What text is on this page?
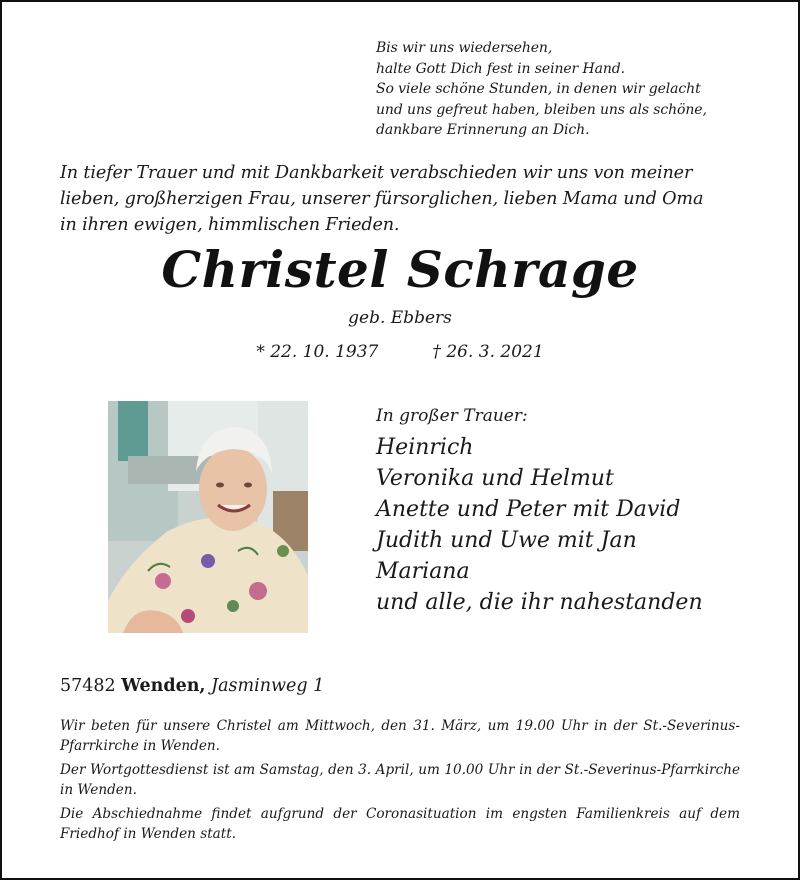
Bis wir uns wiedersehen,
halte Gott Dich fest in seiner Hand.
So viele schöne Stunden, in denen wir gelacht
und uns gefreut haben, bleiben uns als schöne,
dankbare Erinnerung an Dich.
In tiefer Trauer und mit Dankbarkeit verabschieden wir uns von meiner
lieben, großherzigen Frau, unserer fürsorglichen, lieben Mama und Oma
in ihren ewigen, himmlischen Frieden.
Christel Schrage
geb. Ebbers
* 22. 10. 1937	† 26. 3. 2021
In großer Trauer:
Heinrich
Veronika und Helmut
Anette und Peter mit David
Judith und Uwe mit Jan
Mariana
und alle, die ihr nahestanden
57482 Wenden, Jasminweg 1

Wir beten für unsere Christel am Mittwoch, den 31. März, um 19.00 Uhr in der St.-Severinus-Pfarrkirche in Wenden.

Der Wortgottesdienst ist am Samstag, den 3. April, um 10.00 Uhr in der St.-Severinus-Pfarrkirche in Wenden.

Die Abschiednahme findet aufgrund der Coronasituation im engsten Familienkreis auf dem Friedhof in Wenden statt.
